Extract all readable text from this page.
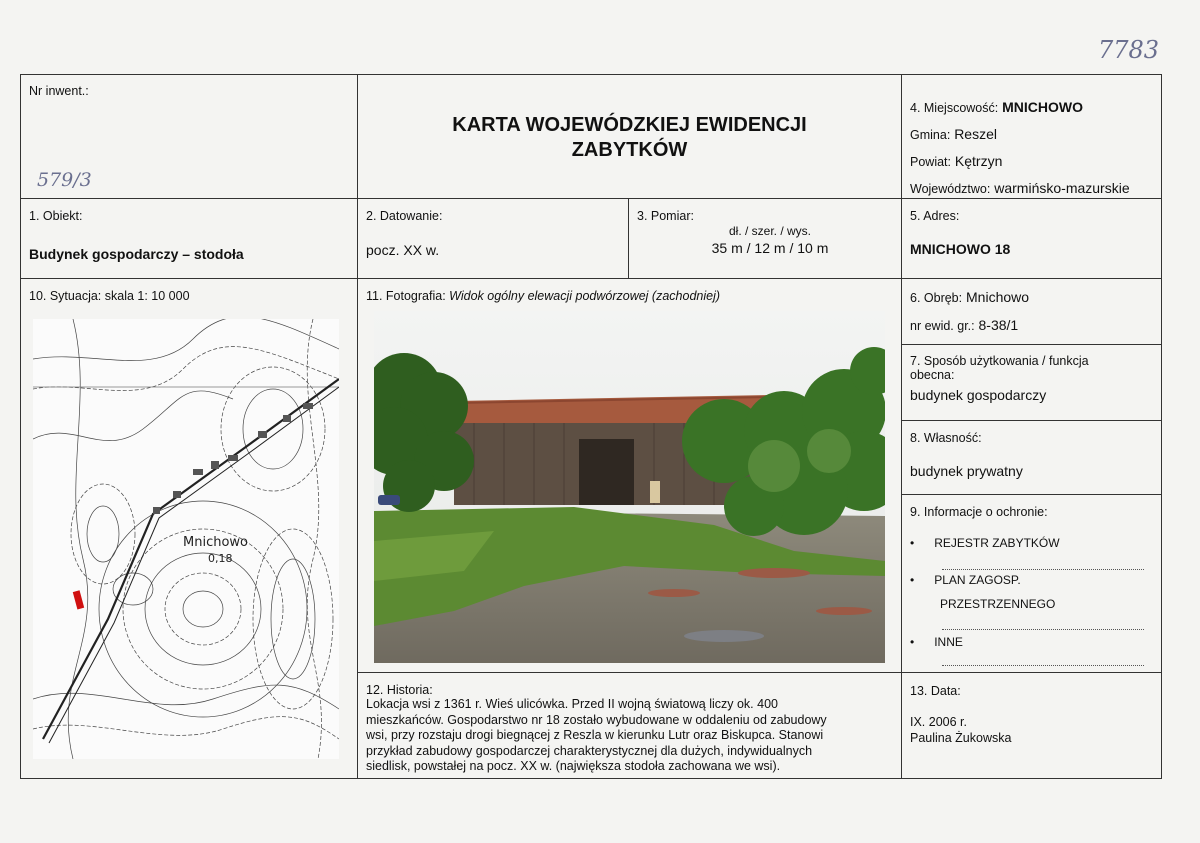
7783
Nr inwent.:
579/3
KARTA WOJEWÓDZKIEJ EWIDENCJI
ZABYTKÓW
4. Miejscowość: MNICHOWO
Gmina: Reszel
Powiat: Kętrzyn
Województwo: warmińsko-mazurskie
1. Obiekt:
Budynek gospodarczy – stodoła
2. Datowanie:
pocz. XX w.
3. Pomiar:
dł. / szer. / wys.
35 m / 12 m / 10 m
5. Adres:
MNICHOWO 18
10. Sytuacja: skala 1: 10 000
Mnichowo
0,18
11. Fotografia: Widok ogólny elewacji podwórzowej (zachodniej)	6. Obręb: Mnichowo
nr ewid. gr.: 8-38/1
7. Sposób użytkowania / funkcja
obecna:
budynek gospodarczy
8. Własność:
budynek prywatny
9. Informacje o ochronie:
•      REJESTR ZABYTKÓW
•      PLAN ZAGOSP.
PRZESTRZENNEGO
•      INNE
12. Historia:
Lokacja wsi z 1361 r. Wieś ulicówka. Przed II wojną światową liczy ok. 400
mieszkańców. Gospodarstwo nr 18 zostało wybudowane w oddaleniu od zabudowy
wsi, przy rozstaju drogi biegnącej z Reszla w kierunku Lutr oraz Biskupca. Stanowi
przykład zabudowy gospodarczej charakterystycznej dla dużych, indywidualnych
siedlisk, powstałej na pocz. XX w. (największa stodoła zachowana we wsi).
13. Data:
IX. 2006 r.
Paulina Żukowska
